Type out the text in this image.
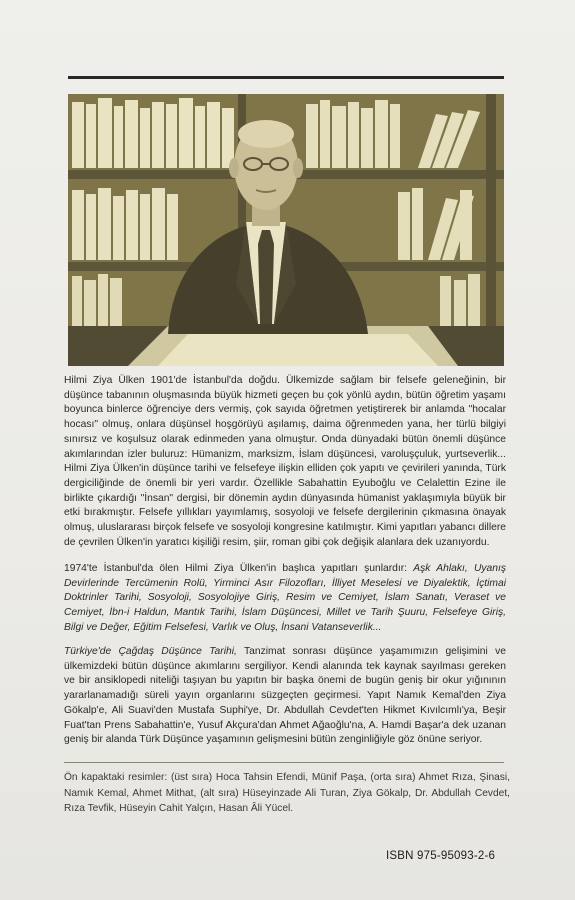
Hilmi Ziya Ülken 1901'de İstanbul'da doğdu. Ülkemizde sağlam bir felsefe geleneğinin, bir düşünce tabanının oluşmasında büyük hizmeti geçen bu çok yönlü aydın, bütün öğretim yaşamı boyunca binlerce öğrenciye ders vermiş, çok sayıda öğretmen yetiştirerek bir anlamda "hocalar hocası" olmuş, onlara düşünsel hoşgörüyü aşılamış, daima öğrenmeden yana, her türlü bilgiyi sınırsız ve koşulsuz olarak edinmeden yana olmuştur. Onda dünyadaki bütün önemli düşünce akımlarından izler buluruz: Hümanizm, marksizm, İslam düşüncesi, varoluşçuluk, yurtseverlik... Hilmi Ziya Ülken'in düşünce tarihi ve felsefeye ilişkin elliden çok yapıtı ve çevirileri yanında, Türk dergiciliğinde de önemli bir yeri vardır. Özellikle Sabahattin Eyuboğlu ve Celalettin Ezine ile birlikte çıkardığı "İnsan" dergisi, bir dönemin aydın dünyasında hümanist yaklaşımıyla büyük bir etki bırakmıştır. Felsefe yıllıkları yayımlamış, sosyoloji ve felsefe dergilerinin çıkmasına önayak olmuş, uluslararası birçok felsefe ve sosyoloji kongresine katılmıştır. Kimi yapıtları yabancı dillere de çevrilen Ülken'in yaratıcı kişiliği resim, şiir, roman gibi çok değişik alanlara dek uzanıyordu.

1974'te İstanbul'da ölen Hilmi Ziya Ülken'in başlıca yapıtları şunlardır: Aşk Ahlakı, Uyanış Devirlerinde Tercümenin Rolü, Yirminci Asır Filozofları, İlliyet Meselesi ve Diyalektik, İçtimai Doktrinler Tarihi, Sosyoloji, Sosyolojiye Giriş, Resim ve Cemiyet, İslam Sanatı, Veraset ve Cemiyet, İbn-i Haldun, Mantık Tarihi, İslam Düşüncesi, Millet ve Tarih Şuuru, Felsefeye Giriş, Bilgi ve Değer, Eğitim Felsefesi, Varlık ve Oluş, İnsani Vatanseverlik...

Türkiye'de Çağdaş Düşünce Tarihi, Tanzimat sonrası düşünce yaşamımızın gelişimini ve ülkemizdeki bütün düşünce akımlarını sergiliyor. Kendi alanında tek kaynak sayılması gereken ve bir ansiklopedi niteliği taşıyan bu yapıtın bir başka önemi de bugün geniş bir okur yığınının yararlanamadığı süreli yayın organlarını süzgeçten geçirmesi. Yapıt Namık Kemal'den Ziya Gökalp'e, Ali Suavi'den Mustafa Suphi'ye, Dr. Abdullah Cevdet'ten Hikmet Kıvılcımlı'ya, Beşir Fuat'tan Prens Sabahattin'e, Yusuf Akçura'dan Ahmet Ağaoğlu'na, A. Hamdi Başar'a dek uzanan geniş bir alanda Türk Düşünce yaşamının gelişmesini bütün zenginliğiyle göz önüne seriyor.

Ön kapaktaki resimler: (üst sıra) Hoca Tahsin Efendi, Münif Paşa, (orta sıra) Ahmet Rıza, Şinasi, Namık Kemal, Ahmet Mithat, (alt sıra) Hüseyinzade Ali Turan, Ziya Gökalp, Dr. Abdullah Cevdet, Rıza Tevfik, Hüseyin Cahit Yalçın, Hasan Âli Yücel.
ISBN 975-95093-2-6
